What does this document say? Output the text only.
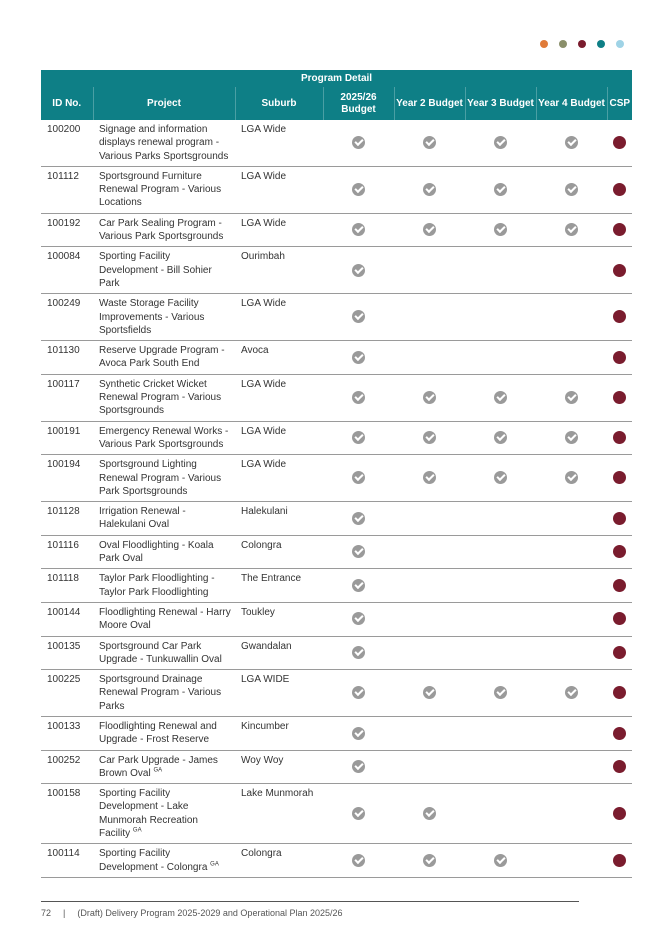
Program Detail							
ID No.	Project	Suburb	2025/26 Budget	Year 2 Budget	Year 3 Budget	Year 4 Budget	CSP
100200	Signage and information displays renewal program - Various Parks Sportsgrounds	LGA Wide					
101112	Sportsground Furniture Renewal Program - Various Locations	LGA Wide					
100192	Car Park Sealing Program - Various Park Sportsgrounds	LGA Wide					
100084	Sporting Facility Development - Bill Sohier Park	Ourimbah					
100249	Waste Storage Facility Improvements - Various Sportsfields	LGA Wide					
101130	Reserve Upgrade Program - Avoca Park South End	Avoca					
100117	Synthetic Cricket Wicket Renewal Program - Various Sportsgrounds	LGA Wide					
100191	Emergency Renewal Works - Various Park Sportsgrounds	LGA Wide					
100194	Sportsground Lighting Renewal Program - Various Park Sportsgrounds	LGA Wide					
101128	Irrigation Renewal - Halekulani Oval	Halekulani					
101116	Oval Floodlighting - Koala Park Oval	Colongra					
101118	Taylor Park Floodlighting - Taylor Park Floodlighting	The Entrance					
100144	Floodlighting Renewal - Harry Moore Oval	Toukley					
100135	Sportsground Car Park Upgrade - Tunkuwallin Oval	Gwandalan					
100225	Sportsground Drainage Renewal Program - Various Parks	LGA WIDE					
100133	Floodlighting Renewal and Upgrade - Frost Reserve	Kincumber					
100252	Car Park Upgrade - James Brown Oval $^{GA}$	Woy Woy					
100158	Sporting Facility Development - Lake Munmorah Recreation Facility $^{GA}$	Lake Munmorah					
100114	Sporting Facility Development - Colongra $^{GA}$	Colongra					
72 | (Draft) Delivery Program 2025-2029 and Operational Plan 2025/26
